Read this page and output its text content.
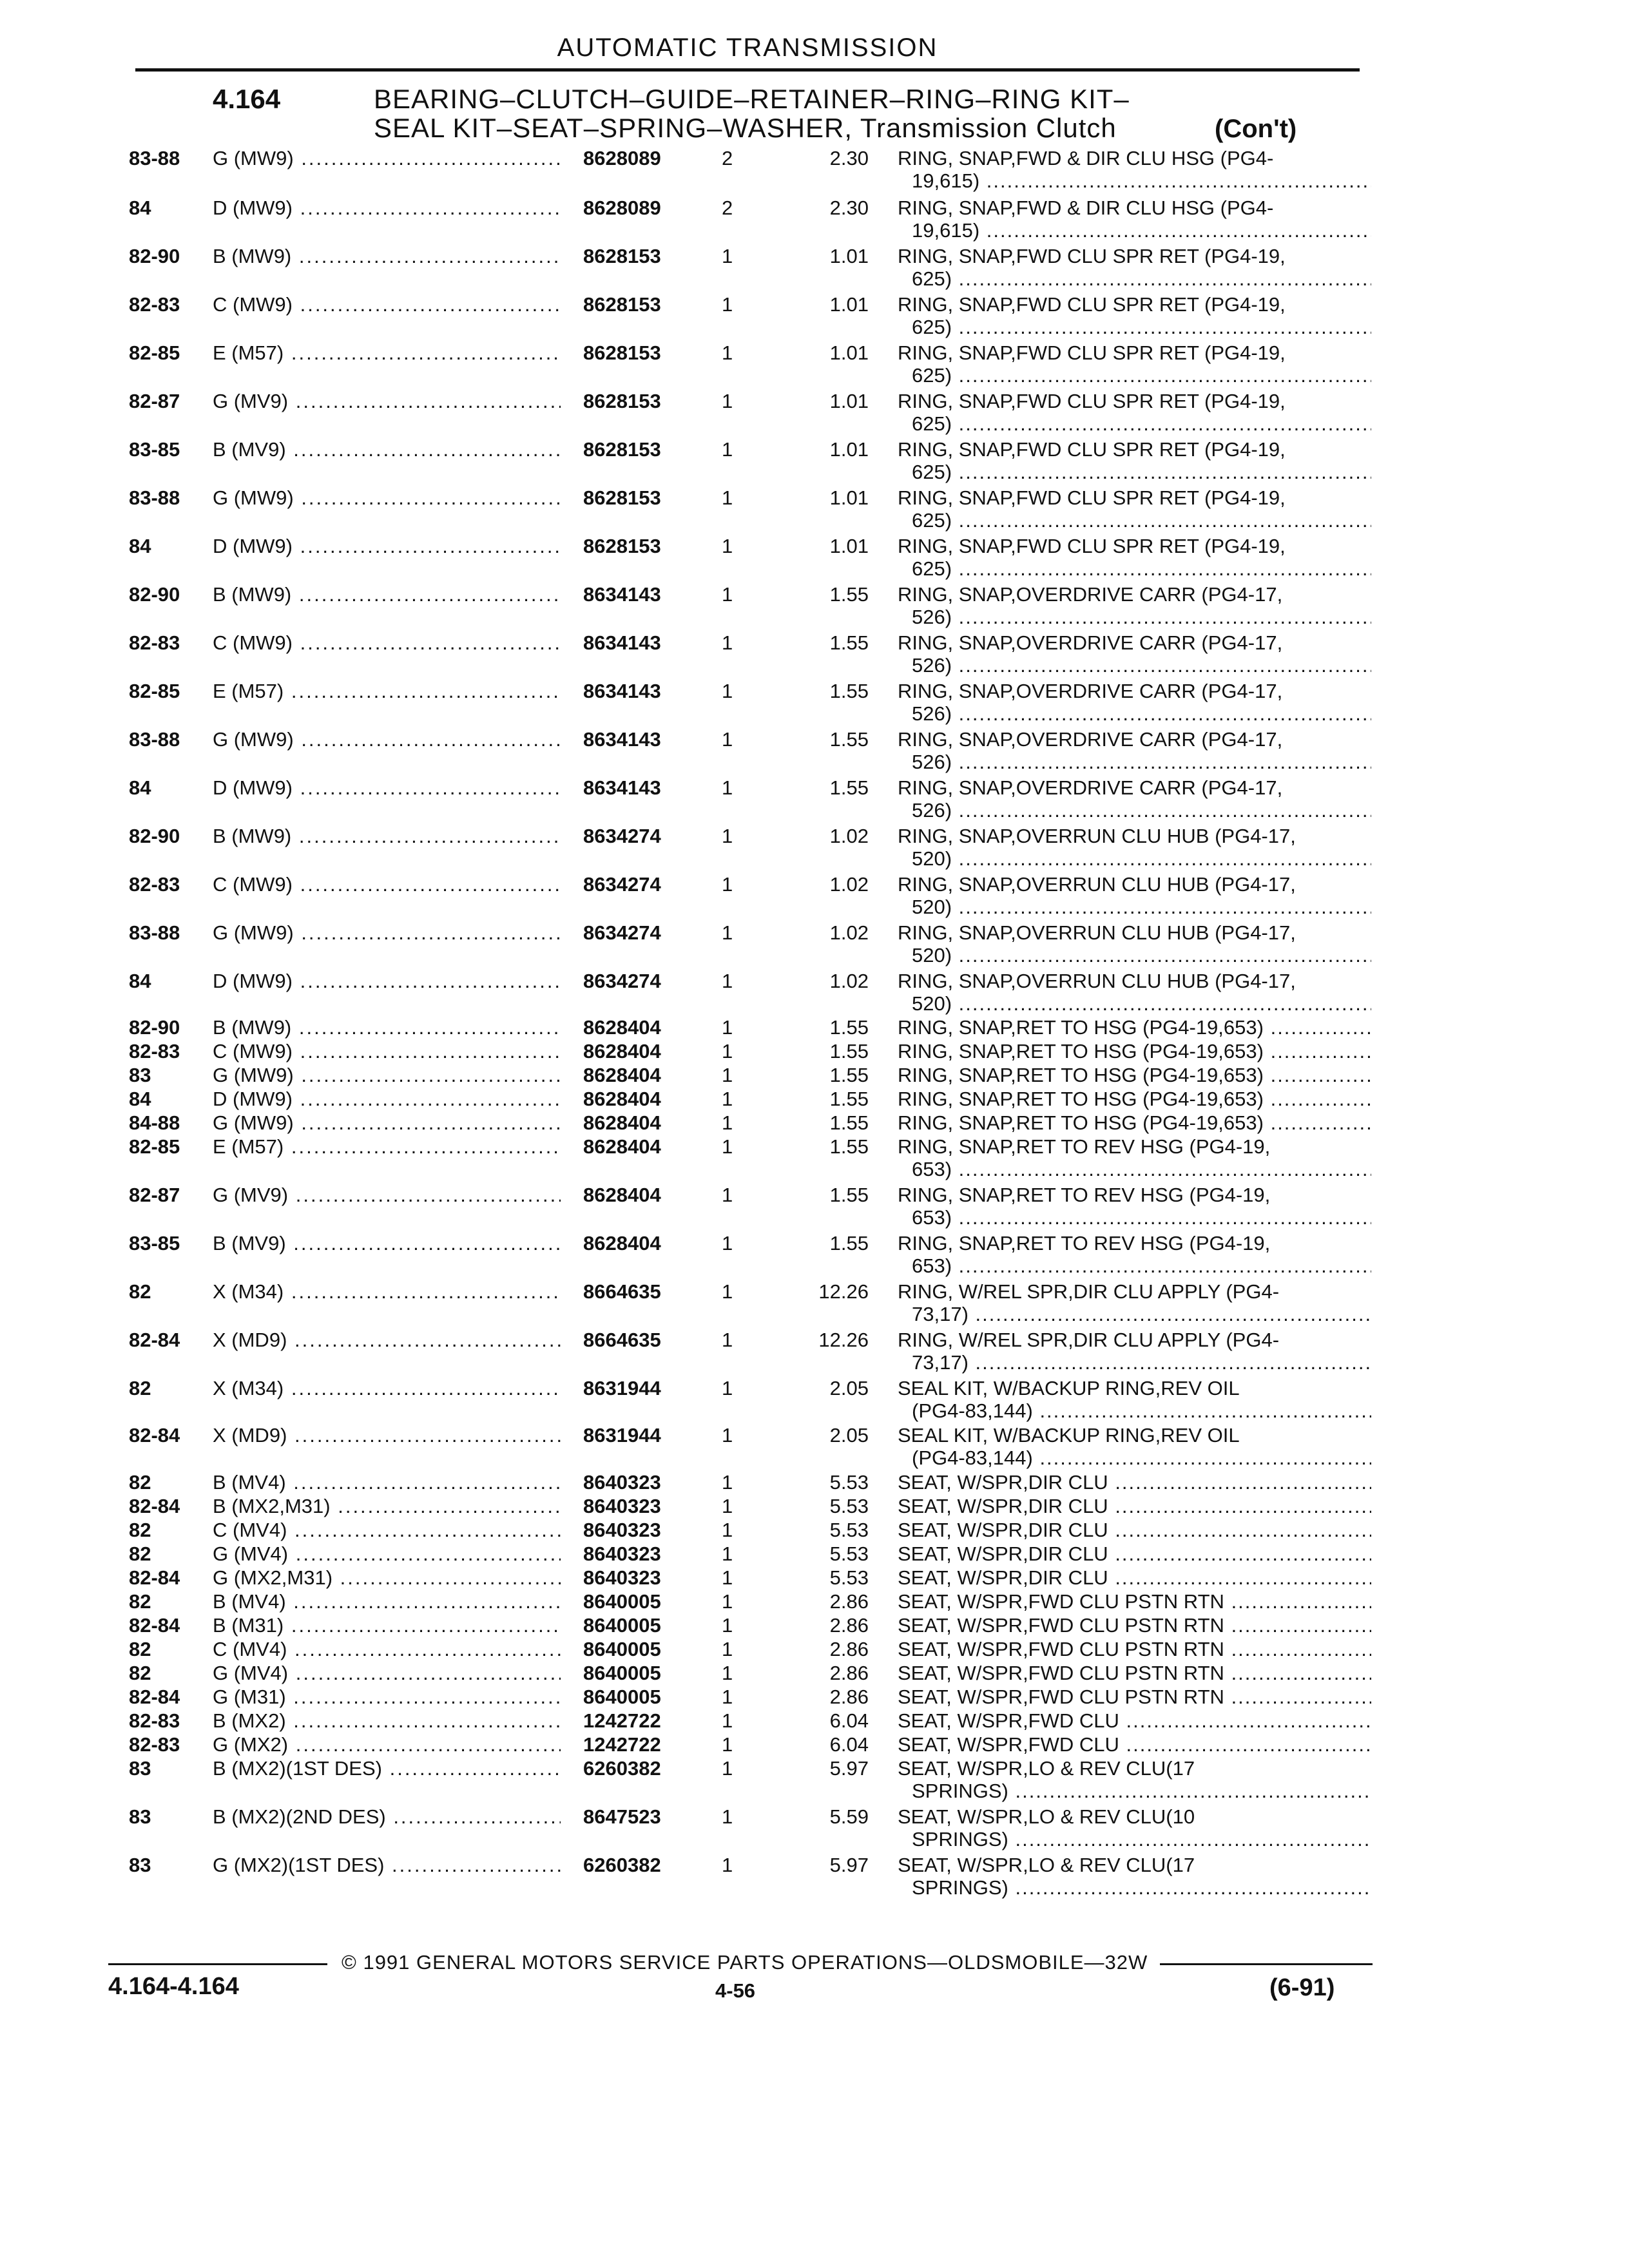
AUTOMATIC TRANSMISSION
4.164	BEARING–CLUTCH–GUIDE–RETAINER–RING–RING KIT–
SEAL KIT–SEAT–SPRING–WASHER, Transmission Clutch	(Con't)
83-88 G (MW9) .....	8628089	2	2.30 RING, SNAP,FWD & DIR CLU HSG (PG4-
19,615) .....
84	D (MW9) .....	8628089	2	2.30 RING, SNAP,FWD & DIR CLU HSG (PG4-
19,615) .....
82-90 B (MW9) .....	8628153	1	1.01 RING, SNAP,FWD CLU SPR RET (PG4-19,
625) .....
82-83 C (MW9) .....	8628153	1	1.01 RING, SNAP,FWD CLU SPR RET (PG4-19,
625) .....
82-85 E (M57) .....	8628153	1	1.01 RING, SNAP,FWD CLU SPR RET (PG4-19,
625) .....
82-87 G (MV9) .....	8628153	1	1.01 RING, SNAP,FWD CLU SPR RET (PG4-19,
625) .....
83-85 B (MV9) .....	8628153	1	1.01 RING, SNAP,FWD CLU SPR RET (PG4-19,
625) .....
83-88 G (MW9) .....	8628153	1	1.01 RING, SNAP,FWD CLU SPR RET (PG4-19,
625) .....
84	D (MW9) .....	8628153	1	1.01 RING, SNAP,FWD CLU SPR RET (PG4-19,
625) .....
82-90 B (MW9) .....	8634143	1	1.55 RING, SNAP,OVERDRIVE CARR (PG4-17,
526) .....
82-83 C (MW9) .....	8634143	1	1.55 RING, SNAP,OVERDRIVE CARR (PG4-17,
526) .....
82-85 E (M57) .....	8634143	1	1.55 RING, SNAP,OVERDRIVE CARR (PG4-17,
526) .....
83-88 G (MW9) .....	8634143	1	1.55 RING, SNAP,OVERDRIVE CARR (PG4-17,
526) .....
84	D (MW9) .....	8634143	1	1.55 RING, SNAP,OVERDRIVE CARR (PG4-17,
526) .....
82-90 B (MW9) .....	8634274	1	1.02 RING, SNAP,OVERRUN CLU HUB (PG4-17,
520) .....
82-83 C (MW9) .....	8634274	1	1.02 RING, SNAP,OVERRUN CLU HUB (PG4-17,
520) .....
83-88 G (MW9) .....	8634274	1	1.02 RING, SNAP,OVERRUN CLU HUB (PG4-17,
520) .....
84	D (MW9) .....	8634274	1	1.02 RING, SNAP,OVERRUN CLU HUB (PG4-17,
520) .....
82-90 B (MW9) .....	8628404	1	1.55 RING, SNAP,RET TO HSG (PG4-19,653) .....
82-83 C (MW9) .....	8628404	1	1.55 RING, SNAP,RET TO HSG (PG4-19,653) .....
83	G (MW9) .....	8628404	1	1.55 RING, SNAP,RET TO HSG (PG4-19,653) .....
84	D (MW9) .....	8628404	1	1.55 RING, SNAP,RET TO HSG (PG4-19,653) .....
84-88 G (MW9) .....	8628404	1	1.55 RING, SNAP,RET TO HSG (PG4-19,653) .....
82-85 E (M57) .....	8628404	1	1.55 RING, SNAP,RET TO REV HSG (PG4-19,
653) .....
82-87 G (MV9) .....	8628404	1	1.55 RING, SNAP,RET TO REV HSG (PG4-19,
653) .....
83-85 B (MV9) .....	8628404	1	1.55 RING, SNAP,RET TO REV HSG (PG4-19,
653) .....
82	X (M34) .....	8664635	1	12.26 RING, W/REL SPR,DIR CLU APPLY (PG4-
73,17) .....
82-84 X (MD9) .....	8664635	1	12.26 RING, W/REL SPR,DIR CLU APPLY (PG4-
73,17) .....
82	X (M34) .....	8631944	1	2.05 SEAL KIT, W/BACKUP RING,REV OIL
(PG4-83,144) .....
82-84 X (MD9) .....	8631944	1	2.05 SEAL KIT, W/BACKUP RING,REV OIL
(PG4-83,144) .....
82	B (MV4) .....	8640323	1	5.53 SEAT, W/SPR,DIR CLU .....
82-84 B (MX2,M31) .....	8640323	1	5.53 SEAT, W/SPR,DIR CLU .....
82	C (MV4) .....	8640323	1	5.53 SEAT, W/SPR,DIR CLU .....
82	G (MV4) .....	8640323	1	5.53 SEAT, W/SPR,DIR CLU .....
82-84 G (MX2,M31) .....	8640323	1	5.53 SEAT, W/SPR,DIR CLU .....
82	B (MV4) .....	8640005	1	2.86 SEAT, W/SPR,FWD CLU PSTN RTN .....
82-84 B (M31) .....	8640005	1	2.86 SEAT, W/SPR,FWD CLU PSTN RTN .....
82	C (MV4) .....	8640005	1	2.86 SEAT, W/SPR,FWD CLU PSTN RTN .....
82	G (MV4) .....	8640005	1	2.86 SEAT, W/SPR,FWD CLU PSTN RTN .....
82-84 G (M31) .....	8640005	1	2.86 SEAT, W/SPR,FWD CLU PSTN RTN .....
82-83 B (MX2) .....	1242722	1	6.04 SEAT, W/SPR,FWD CLU .....
82-83 G (MX2) .....	1242722	1	6.04 SEAT, W/SPR,FWD CLU .....
83	B (MX2)(1ST DES) .....	6260382	1	5.97 SEAT, W/SPR,LO & REV CLU(17
SPRINGS) .....
83	B (MX2)(2ND DES) .....	8647523	1	5.59 SEAT, W/SPR,LO & REV CLU(10
SPRINGS) .....
83	G (MX2)(1ST DES) .....	6260382	1	5.97 SEAT, W/SPR,LO & REV CLU(17
SPRINGS) .....
© 1991 GENERAL MOTORS SERVICE PARTS OPERATIONS—OLDSMOBILE—32W
4.164-4.164	4-56	(6-91)
